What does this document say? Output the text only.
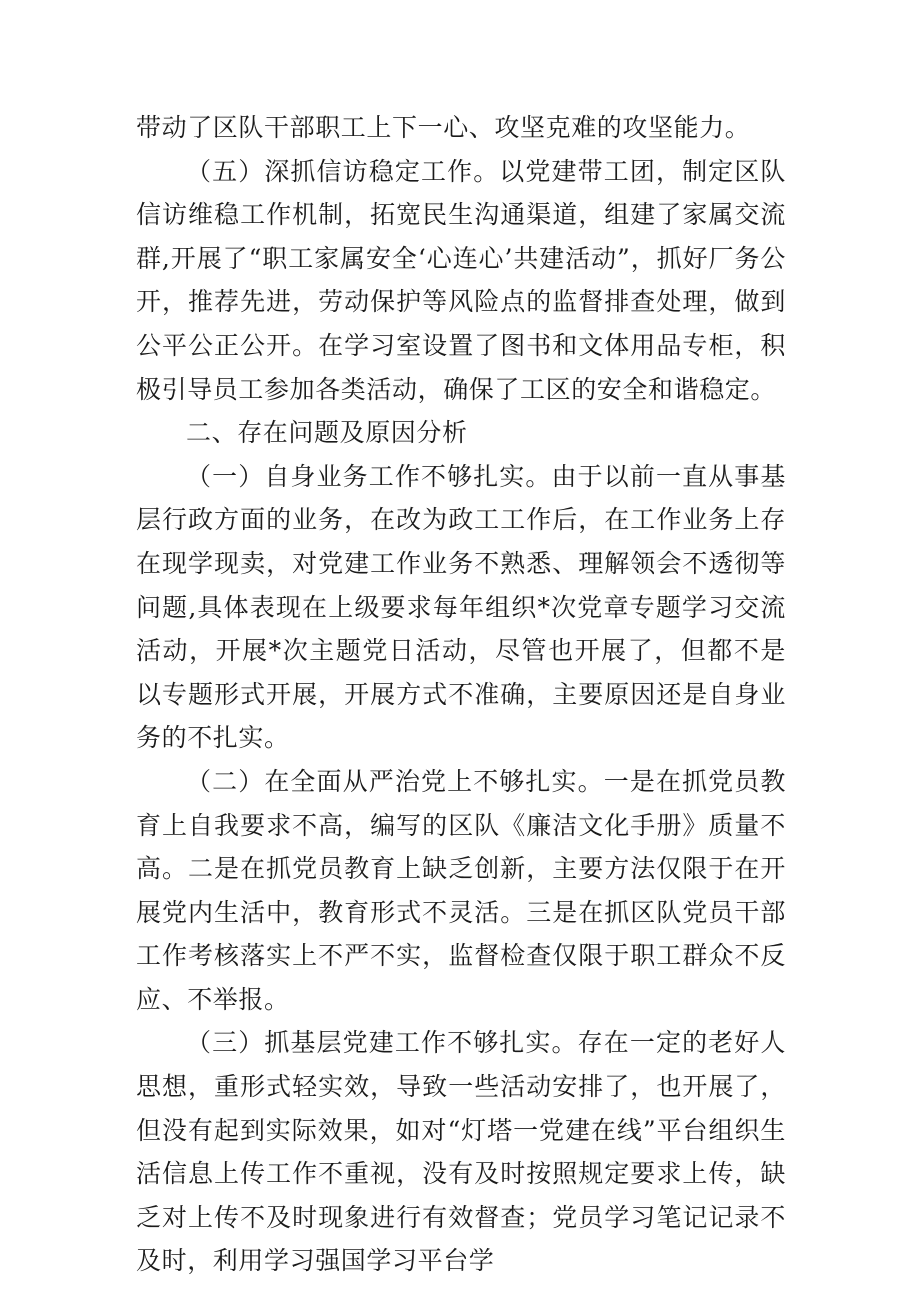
带动了区队干部职工上下一心、攻坚克难的攻坚能力。

（五）深抓信访稳定工作。以党建带工团，制定区队信访维稳工作机制，拓宽民生沟通渠道，组建了家属交流群,开展了“职工家属安全‘心连心’共建活动”，抓好厂务公开，推荐先进，劳动保护等风险点的监督排查处理，做到公平公正公开。在学习室设置了图书和文体用品专柜，积极引导员工参加各类活动，确保了工区的安全和谐稳定。

二、存在问题及原因分析

（一）自身业务工作不够扎实。由于以前一直从事基层行政方面的业务，在改为政工工作后，在工作业务上存在现学现卖，对党建工作业务不熟悉、理解领会不透彻等问题,具体表现在上级要求每年组织*次党章专题学习交流活动，开展*次主题党日活动，尽管也开展了，但都不是以专题形式开展，开展方式不准确，主要原因还是自身业务的不扎实。

（二）在全面从严治党上不够扎实。一是在抓党员教育上自我要求不高，编写的区队《廉洁文化手册》质量不高。二是在抓党员教育上缺乏创新，主要方法仅限于在开展党内生活中，教育形式不灵活。三是在抓区队党员干部工作考核落实上不严不实，监督检查仅限于职工群众不反应、不举报。

（三）抓基层党建工作不够扎实。存在一定的老好人思想，重形式轻实效，导致一些活动安排了，也开展了，但没有起到实际效果，如对“灯塔一党建在线”平台组织生活信息上传工作不重视，没有及时按照规定要求上传，缺乏对上传不及时现象进行有效督查；党员学习笔记记录不及时，利用学习强国学习平台学
